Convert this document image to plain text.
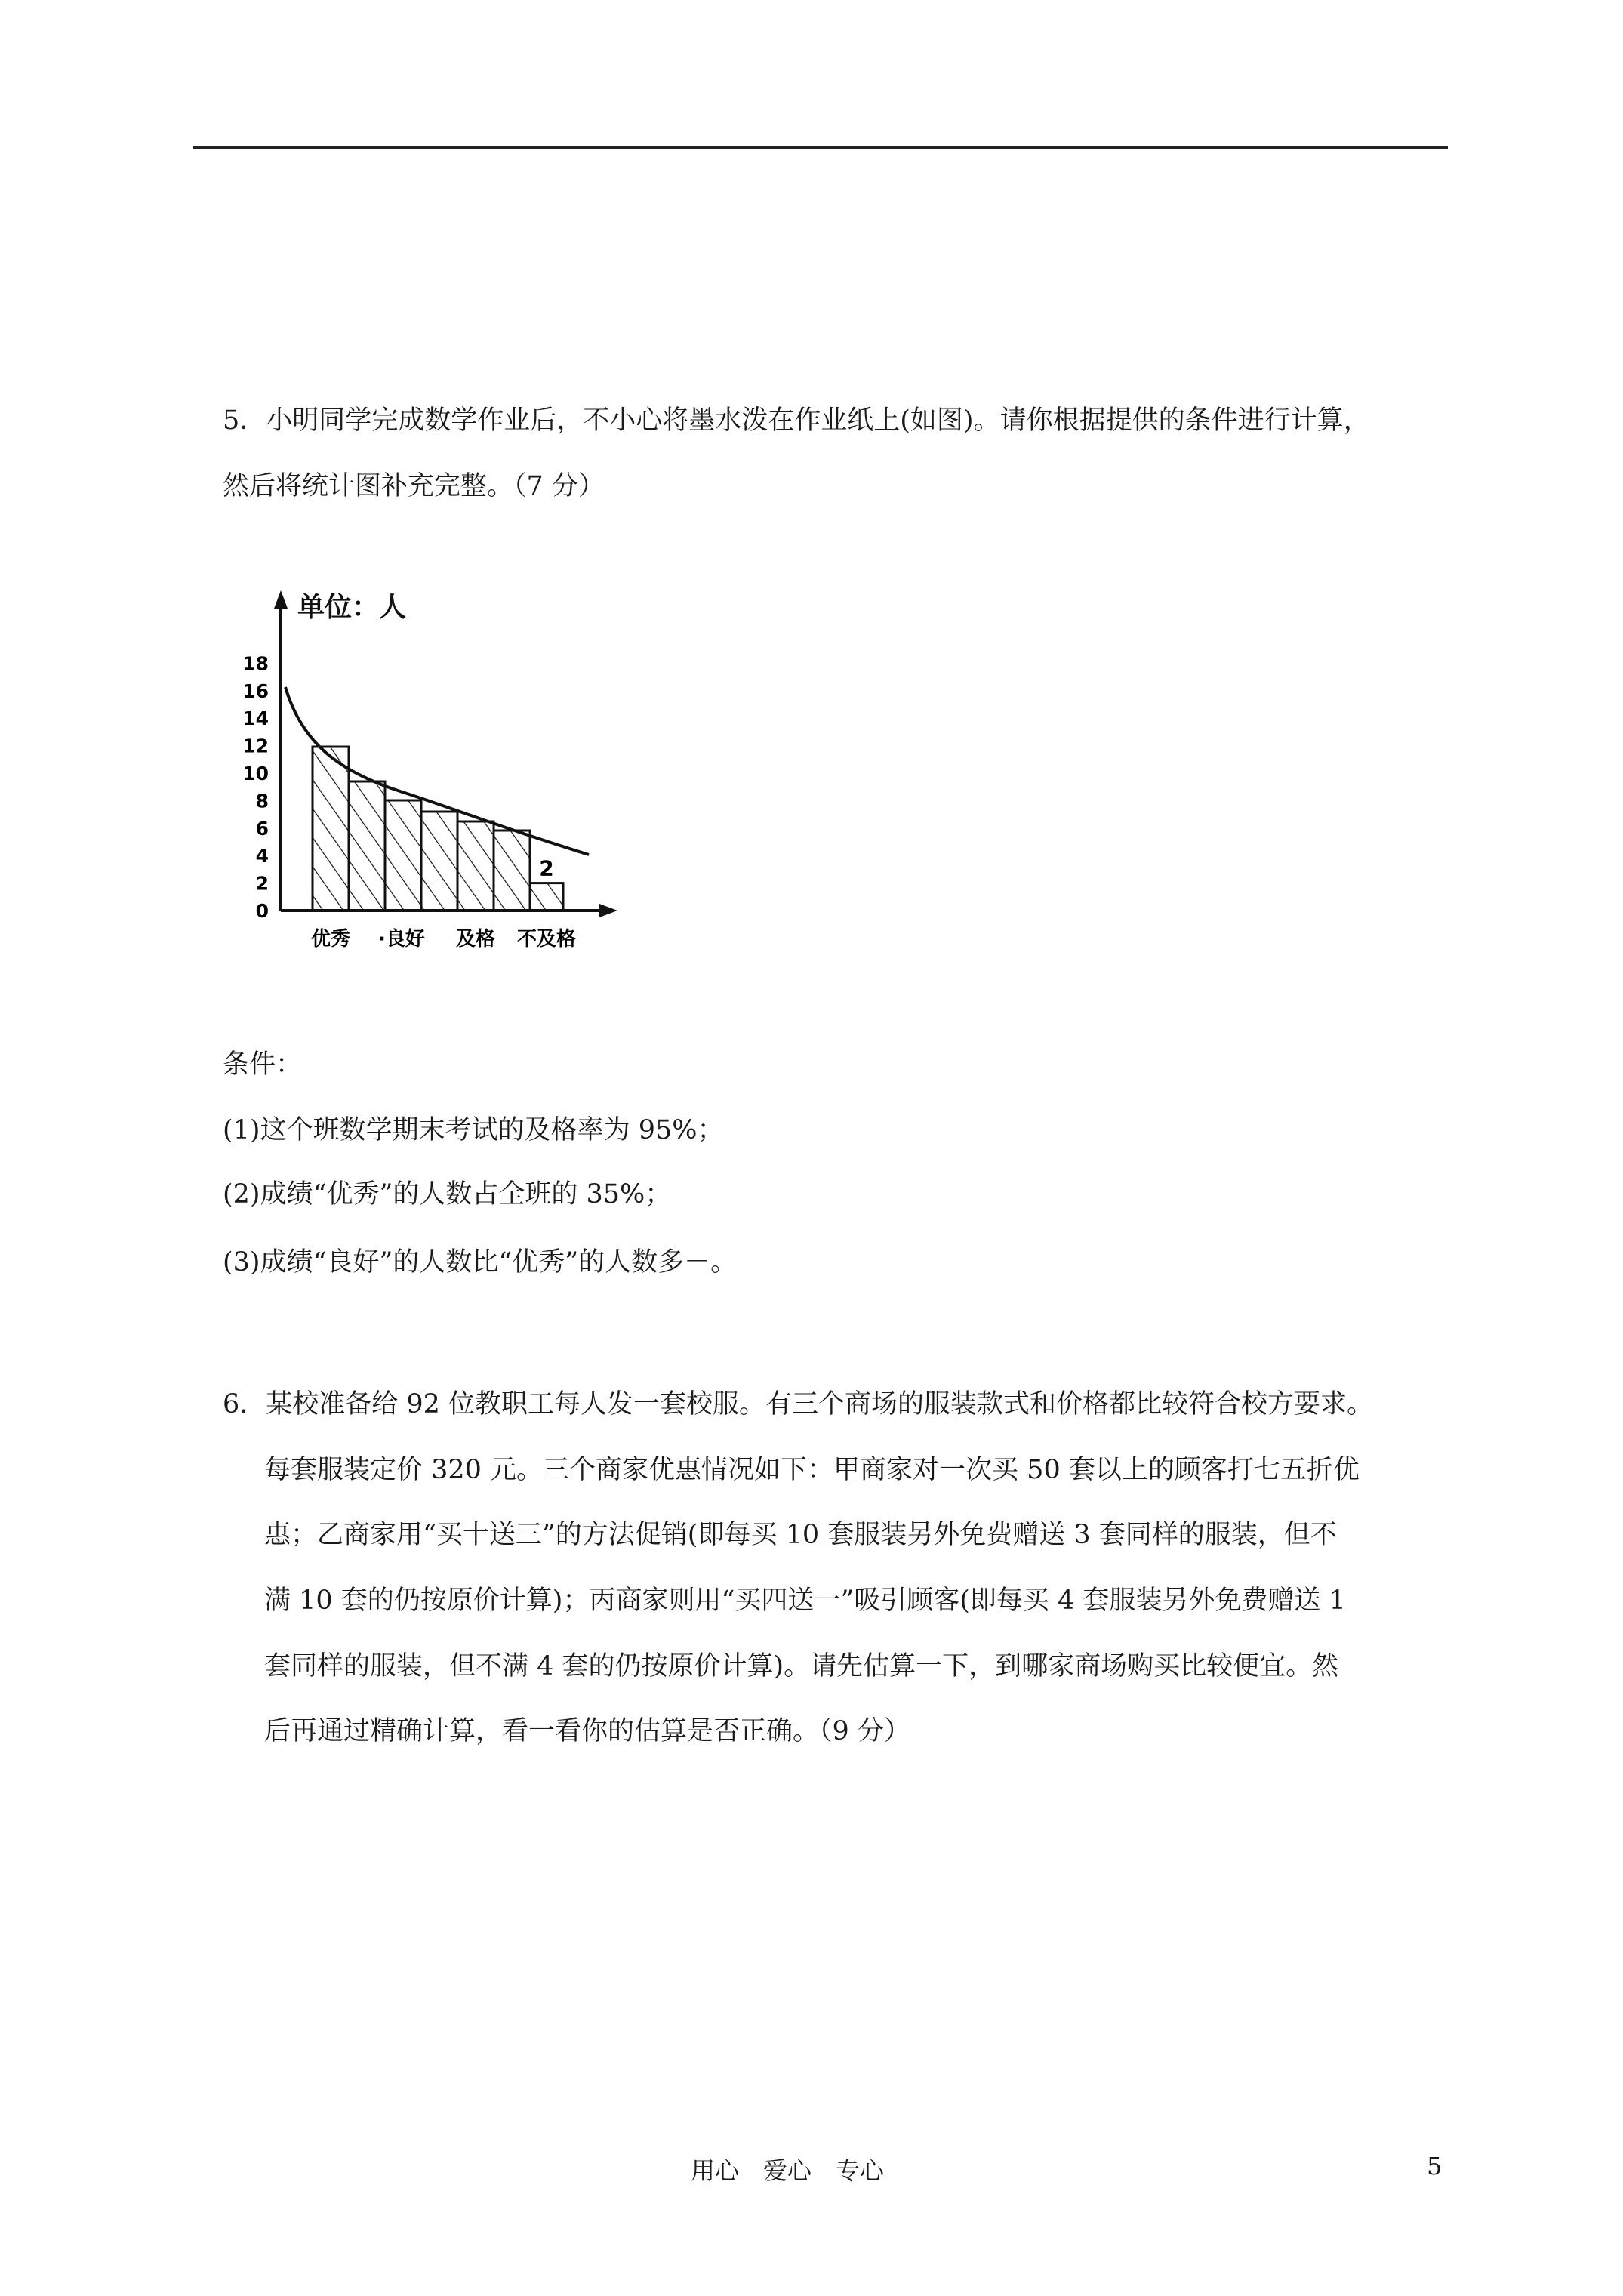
5．小明同学完成数学作业后，不小心将墨水泼在作业纸上(如图)。请你根据提供的条件进行计算，
然后将统计图补充完整。（7 分）
单位：人
0
2
4
6
8
10
12
14
16
18
2
优秀 ·良好 及格 不及格
条件：
(1)这个班数学期末考试的及格率为 95%；
(2)成绩“优秀”的人数占全班的 35%；
(3)成绩“良好”的人数比“优秀”的人数多－。
6．某校准备给 92 位教职工每人发一套校服。有三个商场的服装款式和价格都比较符合校方要求。
每套服装定价 320 元。三个商家优惠情况如下：甲商家对一次买 50 套以上的顾客打七五折优
惠；乙商家用“买十送三”的方法促销(即每买 10 套服装另外免费赠送 3 套同样的服装，但不
满 10 套的仍按原价计算)；丙商家则用“买四送一”吸引顾客(即每买 4 套服装另外免费赠送 1
套同样的服装，但不满 4 套的仍按原价计算)。请先估算一下，到哪家商场购买比较便宜。然
后再通过精确计算，看一看你的估算是否正确。（9 分）
用心　爱心　专心	5
